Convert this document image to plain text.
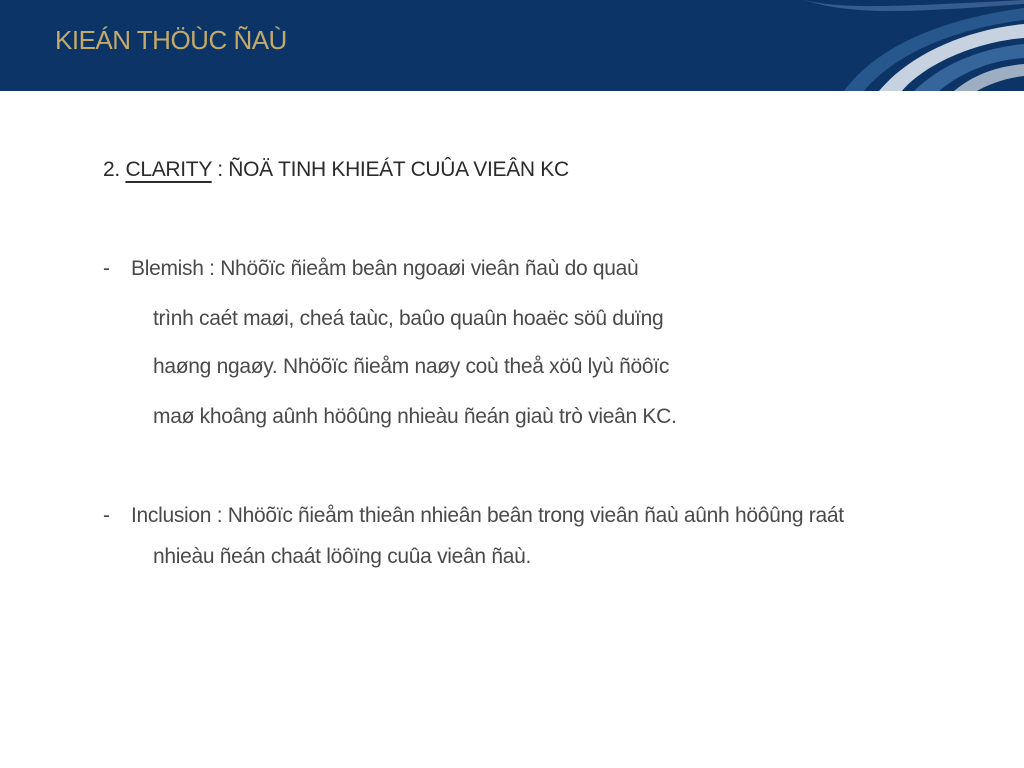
KIEÁN THÖÙC ÑAÙ
2. CLARITY : ÑOÄ TINH KHIEÁT CUÛA VIEÂN KC
- Blemish : Nhöõïc ñieåm beân ngoaøi vieân ñaù do quaù
trình caét maøi, cheá taùc, baûo quaûn hoaëc söû duïng
haøng ngaøy. Nhöõïc ñieåm naøy coù theå xöû lyù ñöôïc
maø khoâng aûnh höôûng nhieàu ñeán giaù trò vieân KC.
- Inclusion : Nhöõïc ñieåm thieân nhieân beân trong vieân ñaù aûnh höôûng raát
nhieàu ñeán chaát löôïng cuûa vieân ñaù.
